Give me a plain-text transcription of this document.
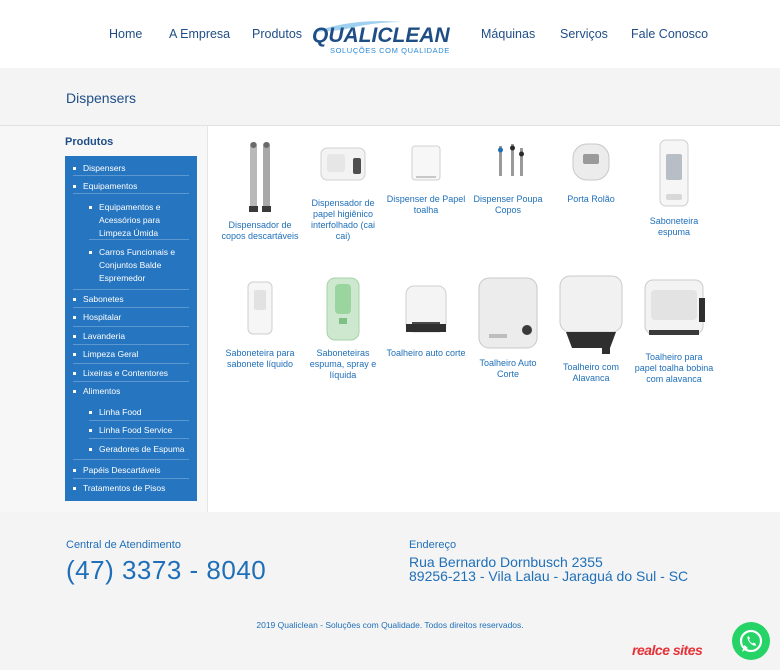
Home A Empresa Produtos QUALICLEAN
SOLUÇÕES COM QUALIDADE
Máquinas Serviços Fale Conosco
Dispensers
Produtos
Dispensers
Equipamentos
Equipamentos e Acessórios para Limpeza Úmida
Carros Funcionais e Conjuntos Balde Espremedor
Sabonetes
Hospitalar
Lavanderia
Limpeza Geral
Lixeiras e Contentores
Alimentos
Linha Food
Linha Food Service
Geradores de Espuma
Papéis Descartáveis
Tratamentos de Pisos
Dispensador de copos descartáveis
Dispensador de papel higiênico interfolhado (cai cai)
Dispenser de Papel toalha
Dispenser Poupa Copos
Porta Rolão
Saboneteira espuma
Saboneteira para sabonete líquido
Saboneteiras espuma, spray e líquida
Toalheiro auto corte
Toalheiro Auto Corte
Toalheiro com Alavanca
Toalheiro para papel toalha bobina com alavanca
Central de Atendimento
(47) 3373 - 8040
Endereço
Rua Bernardo Dornbusch 2355
89256-213 - Vila Lalau - Jaraguá do Sul - SC
2019 Qualiclean - Soluções com Qualidade. Todos direitos reservados.
realce sites
